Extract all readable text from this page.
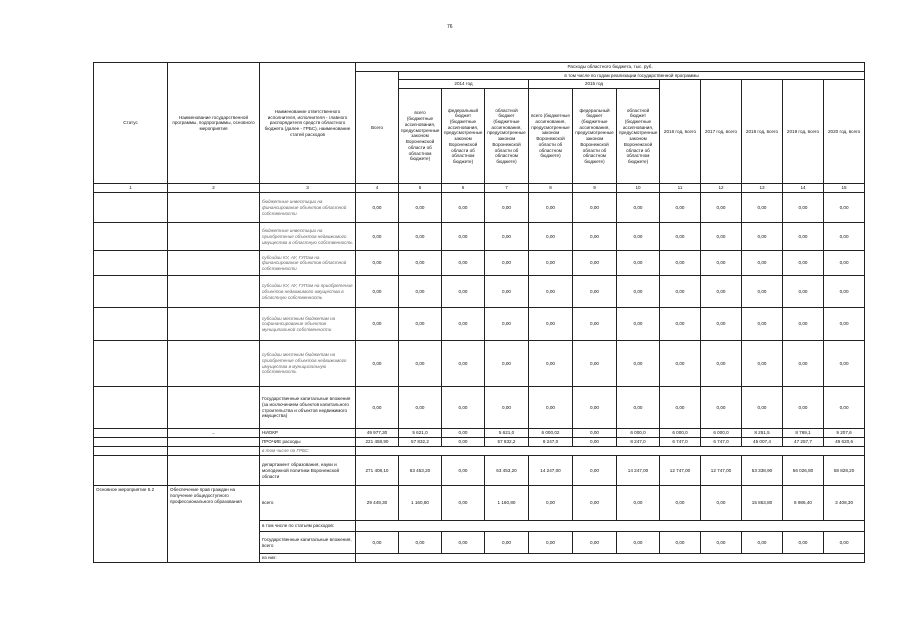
76
Статус	Наименование государственной программы, подпрограммы, основного мероприятия	Наименование ответственного исполнителя, исполнителя - главного распорядителя средств областного бюджета (далее - ГРБС), наименование статей расходов	Расходы областного бюджета, тыс. руб.											
			Всего	в том числе по годам реализации государственной программы										
				2014 год			2015 год			2016 год, всего	2017 год, всего	2018 год, всего	2019 год, всего	2020 год, всего
				всего (бюджетные ассигнования, предусмотренные законом Воронежской области об областном бюджете)	федеральный бюджет (бюджетные ассигнования, предусмотренные законом Воронежской области об областном бюджете)	областной бюджет (бюджетные ассигнования, предусмотренные законом Воронежской области об областном бюджете)	всего (бюджетные ассигнования, предусмотренные законом Воронежской области об областном бюджете)	федеральный бюджет (бюджетные ассигнования, предусмотренные законом Воронежской области об областном бюджете)	областной бюджет (бюджетные ассигнования, предусмотренные законом Воронежской области об областном бюджете)					
1	2	3	4	5	6	7	8	9	10	11	12	13	14	15
		бюджетные инвестиции на финансирование объектов областной собственности	0,00	0,00	0,00	0,00	0,00	0,00	0,00	0,00	0,00	0,00	0,00	0,00
		бюджетные инвестиции на приобретение объектов недвижимого имущества в областную собственность	0,00	0,00	0,00	0,00	0,00	0,00	0,00	0,00	0,00	0,00	0,00	0,00
		субсидии КУ, АУ, ГУПам на финансирование объектов областной собственности	0,00	0,00	0,00	0,00	0,00	0,00	0,00	0,00	0,00	0,00	0,00	0,00
		субсидии КУ, АУ, ГУПам на приобретение объектов недвижимого имущества в областную собственность	0,00	0,00	0,00	0,00	0,00	0,00	0,00	0,00	0,00	0,00	0,00	0,00
		субсидии местным бюджетам на софинансирование объектов муниципальной собственности	0,00	0,00	0,00	0,00	0,00	0,00	0,00	0,00	0,00	0,00	0,00	0,00
		субсидии местным бюджетам на приобретение объектов недвижимого имущества в муниципальную собственность	0,00	0,00	0,00	0,00	0,00	0,00	0,00	0,00	0,00	0,00	0,00	0,00
		Государственные капитальные вложения (за исключением объектов капитального строительства и объектов недвижимого имущества)	0,00	0,00	0,00	0,00	0,00	0,00	0,00	0,00	0,00	0,00	0,00	0,00
	...	НИОКР	49 977,30	5 621,0	0,00	5 621,0	6 000,02	0,00	6 000,0	6 000,0	6 000,0	8 251,5	8 769,1	9 207,6
		ПРОЧИЕ расходы	221 458,90	57 832,2	0,00	57 832,2	8 247,0	0,00	8 247,0	6 747,0	6 747,0	45 007,4	47 257,7	49 620,6
		в том числе по ГРБС:												
		департамент образования, науки и молодежной политики Воронежской области	271 408,10	63 453,20	0,00	63 453,20	14 247,00	0,00	14 247,00	12 747,00	12 747,00	53 338,90	56 026,80	58 828,20
Основное мероприятие 5.2	Обеспечение прав граждан на получение общедоступного профессионального образования	всего	29 449,30	1 160,80	0,00	1 160,80	0,00	0,00	0,00	0,00	0,00	15 853,80	8 986,40	3 408,30
		в том числе по статьям расходов:												
		Государственные капитальные вложения, всего	0,00	0,00	0,00	0,00	0,00	0,00	0,00	0,00	0,00	0,00	0,00	0,00
		из них:												
